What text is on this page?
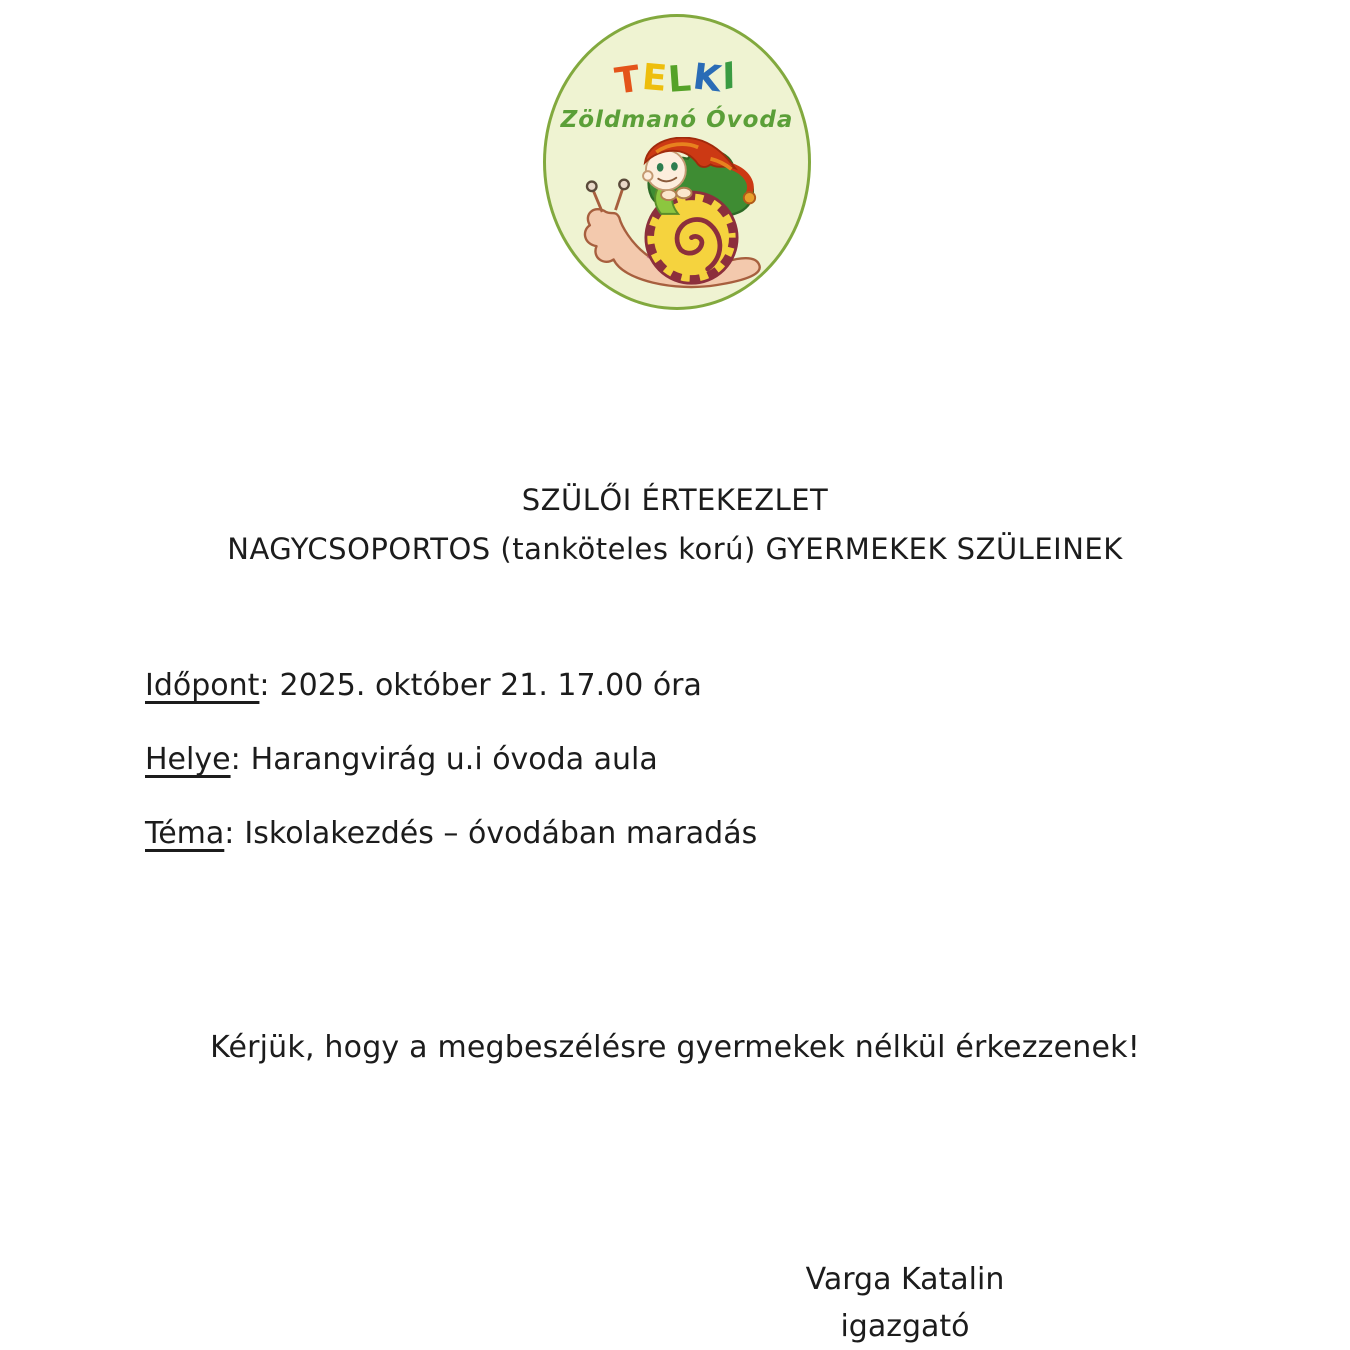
TELKI
Zöldmanó Óvoda
SZÜLŐI ÉRTEKEZLET
NAGYCSOPORTOS (tanköteles korú) GYERMEKEK SZÜLEINEK
Időpont: 2025. október 21. 17.00 óra
Helye: Harangvirág u.i óvoda aula
Téma: Iskolakezdés – óvodában maradás
Kérjük, hogy a megbeszélésre gyermekek nélkül érkezzenek!
Varga Katalin
igazgató
